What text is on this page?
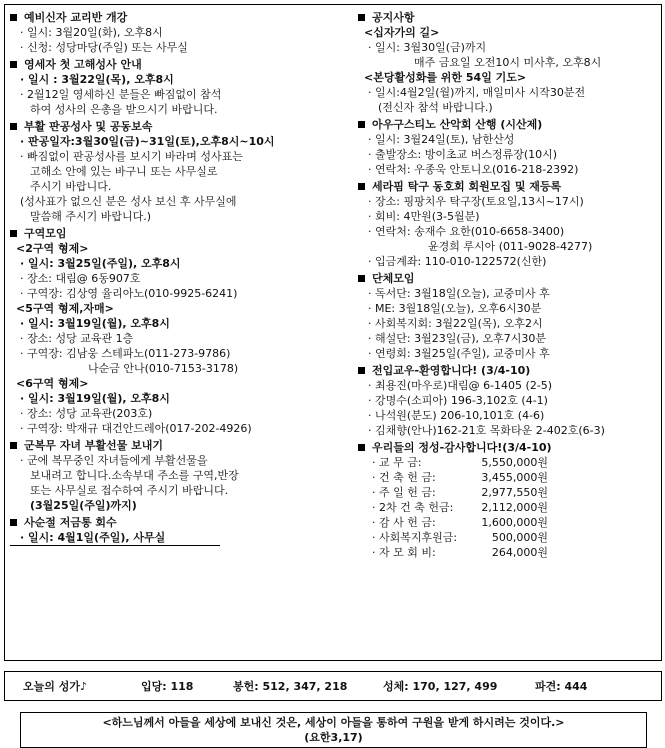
예비신자 교리반 개강
· 일시: 3월20일(화), 오후8시
· 신청: 성당마당(주일) 또는 사무실
영세자 첫 고해성사 안내
· 일시 : 3월22일(목), 오후8시
· 2월12일 영세하신 분들은 빠짐없이 참석
하여 성사의 은총을 받으시기 바랍니다.
부활 판공성사 및 공동보속
· 판공일자:3월30일(금)~31일(토),오후8시~10시
· 빠짐없이 판공성사를 보시기 바라며 성사표는
고해소 안에 있는 바구니 또는 사무실로
주시기 바랍니다.
(성사표가 없으신 분은 성사 보신 후 사무실에
말씀해 주시기 바랍니다.)
구역모임
<2구역 형제>
· 일시: 3월25일(주일), 오후8시
· 장소: 대림@ 6동907호
· 구역장: 김상영 율리아노(010-9925-6241)
<5구역 형제,자매>
· 일시: 3월19일(월), 오후8시
· 장소: 성당 교육관 1층
· 구역장: 김남웅 스테파노(011-273-9786)
나순금 안나(010-7153-3178)
<6구역 형제>
· 일시: 3월19일(월), 오후8시
· 장소: 성당 교육관(203호)
· 구역장: 박재규 대건안드레아(017-202-4926)
군복무 자녀 부활선물 보내기
· 군에 복무중인 자녀들에게 부활선물을
보내려고 합니다.소속부대 주소를 구역,반장
또는 사무실로 접수하여 주시기 바랍니다.
(3월25일(주일)까지)
사순절 저금통 회수
· 일시: 4월1일(주일), 사무실
공지사항
<십자가의 길>
· 일시: 3월30일(금)까지
매주 금요일 오전10시 미사후, 오후8시
<본당활성화를 위한 54일 기도>
· 일시:4월2일(월)까지, 매일미사 시작30분전
(전신자 참석 바랍니다.)
아우구스티노 산악회 산행 (시산제)
· 일시: 3월24일(토), 남한산성
· 출발장소: 방이초교 버스정류장(10시)
· 연락처: 우종욱 안토니오(016-218-2392)
세라핌 탁구 동호회 회원모집 및 재등록
· 장소: 핑팡치우 탁구장(토요일,13시~17시)
· 회비: 4만원(3-5월분)
· 연락처: 송재수 요한(010-6658-3400)
윤경희 루시아 (011-9028-4277)
· 입금계좌: 110-010-122572(신한)
단체모임
· 독서단: 3월18일(오늘), 교중미사 후
· ME: 3월18일(오늘), 오후6시30분
· 사회복지회: 3월22일(목), 오후2시
· 해설단: 3월23일(금), 오후7시30분
· 연령회: 3월25일(주일), 교중미사 후
전입교우-환영합니다! (3/4-10)
· 최용진(마우로)대림@ 6-1405 (2-5)
· 강명수(소피아) 196-3,102호 (4-1)
· 나석원(분도) 206-10,101호 (4-6)
· 김채향(안나)162-21호 목화타운 2-402호(6-3)
우리들의 정성-감사합니다!(3/4-10)
· 교 무 금:	5,550,000원
· 건 축 헌 금:	3,455,000원
· 주 일 헌 금:	2,977,550원
· 2차 건 축 헌금:	2,112,000원
· 감 사 헌 금:	1,600,000원
· 사회복지후원금:	500,000원
· 자 모 회 비:	264,000원
오늘의 성가♪	입당: 118	봉헌: 512, 347, 218	성체: 170, 127, 499	파견: 444
<하느님께서 아들을 세상에 보내신 것은, 세상이 아들을 통하여 구원을 받게 하시려는 것이다.>
(요한3,17)
